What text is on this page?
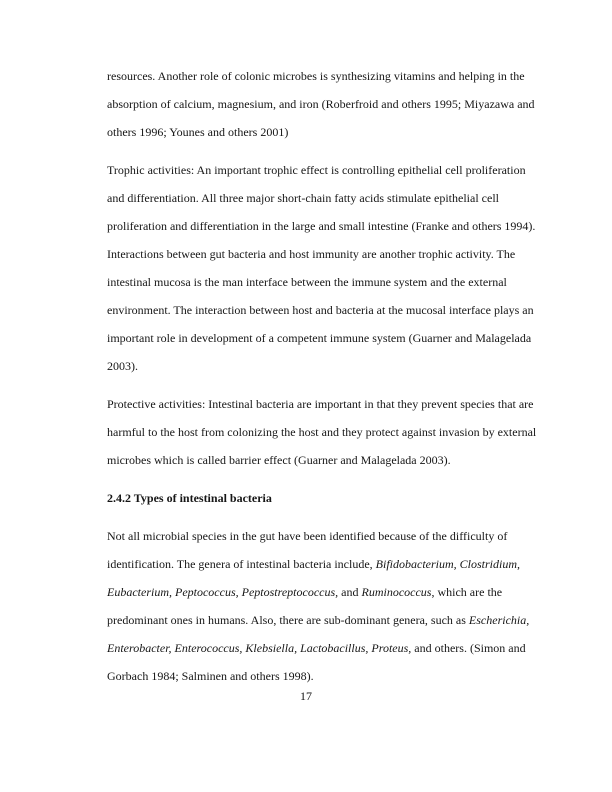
resources. Another role of colonic microbes is synthesizing vitamins and helping in the
absorption of calcium, magnesium, and iron (Roberfroid and others 1995; Miyazawa and
others 1996; Younes and others 2001)
Trophic activities: An important trophic effect is controlling epithelial cell proliferation
and differentiation. All three major short-chain fatty acids stimulate epithelial cell
proliferation and differentiation in the large and small intestine (Franke and others 1994).
Interactions between gut bacteria and host immunity are another trophic activity. The
intestinal mucosa is the man interface between the immune system and the external
environment. The interaction between host and bacteria at the mucosal interface plays an
important role in development of a competent immune system (Guarner and Malagelada
2003).
Protective activities: Intestinal bacteria are important in that they prevent species that are
harmful to the host from colonizing the host and they protect against invasion by external
microbes which is called barrier effect (Guarner and Malagelada 2003).
2.4.2 Types of intestinal bacteria
Not all microbial species in the gut have been identified because of the difficulty of
identification. The genera of intestinal bacteria include, Bifidobacterium, Clostridium,
Eubacterium, Peptococcus, Peptostreptococcus, and Ruminococcus, which are the
predominant ones in humans. Also, there are sub-dominant genera, such as Escherichia,
Enterobacter, Enterococcus, Klebsiella, Lactobacillus, Proteus, and others. (Simon and
Gorbach 1984; Salminen and others 1998).
17
